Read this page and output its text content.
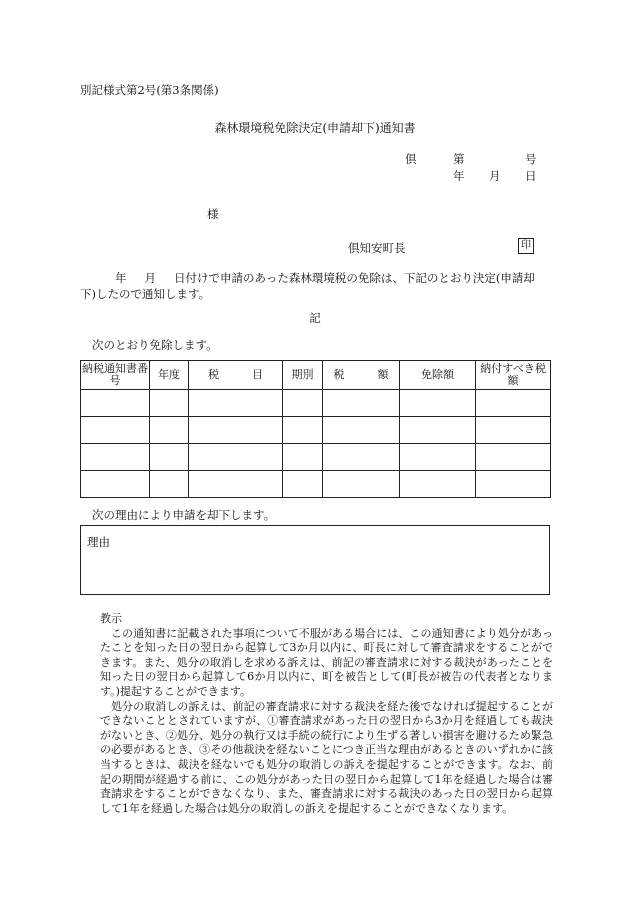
別記様式第2号(第3条関係)
森林環境税免除決定(申請却下)通知書
倶	第	号
年 月 日
様
倶知安町長	印
年 月 日付けで申請のあった森林環境税の免除は、下記のとおり決定(申請却下)したので通知します。
記
次のとおり免除します。
納税通知書番　　号	年度	税　　　目	期別	税　　　額	免除額	納付すべき税　　額

次の理由により申請を却下します。
理由

教示

この通知書に記載された事項について不服がある場合には、この通知書により処分があったことを知った日の翌日から起算して3か月以内に、町長に対して審査請求をすることができます。また、処分の取消しを求める訴えは、前記の審査請求に対する裁決があったことを知った日の翌日から起算して6か月以内に、町を被告として(町長が被告の代表者となります。)提起することができます。

処分の取消しの訴えは、前記の審査請求に対する裁決を経た後でなければ提起することができないこととされていますが、①審査請求があった日の翌日から3か月を経過しても裁決がないとき、②処分、処分の執行又は手続の続行により生ずる著しい損害を避けるため緊急の必要があるとき、③その他裁決を経ないことにつき正当な理由があるときのいずれかに該当するときは、裁決を経ないでも処分の取消しの訴えを提起することができます。なお、前記の期間が経過する前に、この処分があった日の翌日から起算して1年を経過した場合は審査請求をすることができなくなり、また、審査請求に対する裁決のあった日の翌日から起算して1年を経過した場合は処分の取消しの訴えを提起することができなくなります。
